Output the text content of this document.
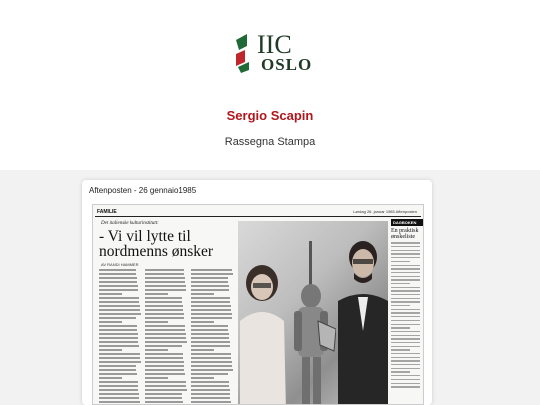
IIC
OSLO
Sergio Scapin
Rassegna Stampa
Aftenposten - 26 gennaio1985
FAMILIE	Lørdag 26. januar 1985 Aftenposten
Det italienske kulturinstitutt:
- Vi vil lytte til nordmenns ønsker
AV RANDI HAMMER
DAGBOKEN
En praktisk ønskeliste
